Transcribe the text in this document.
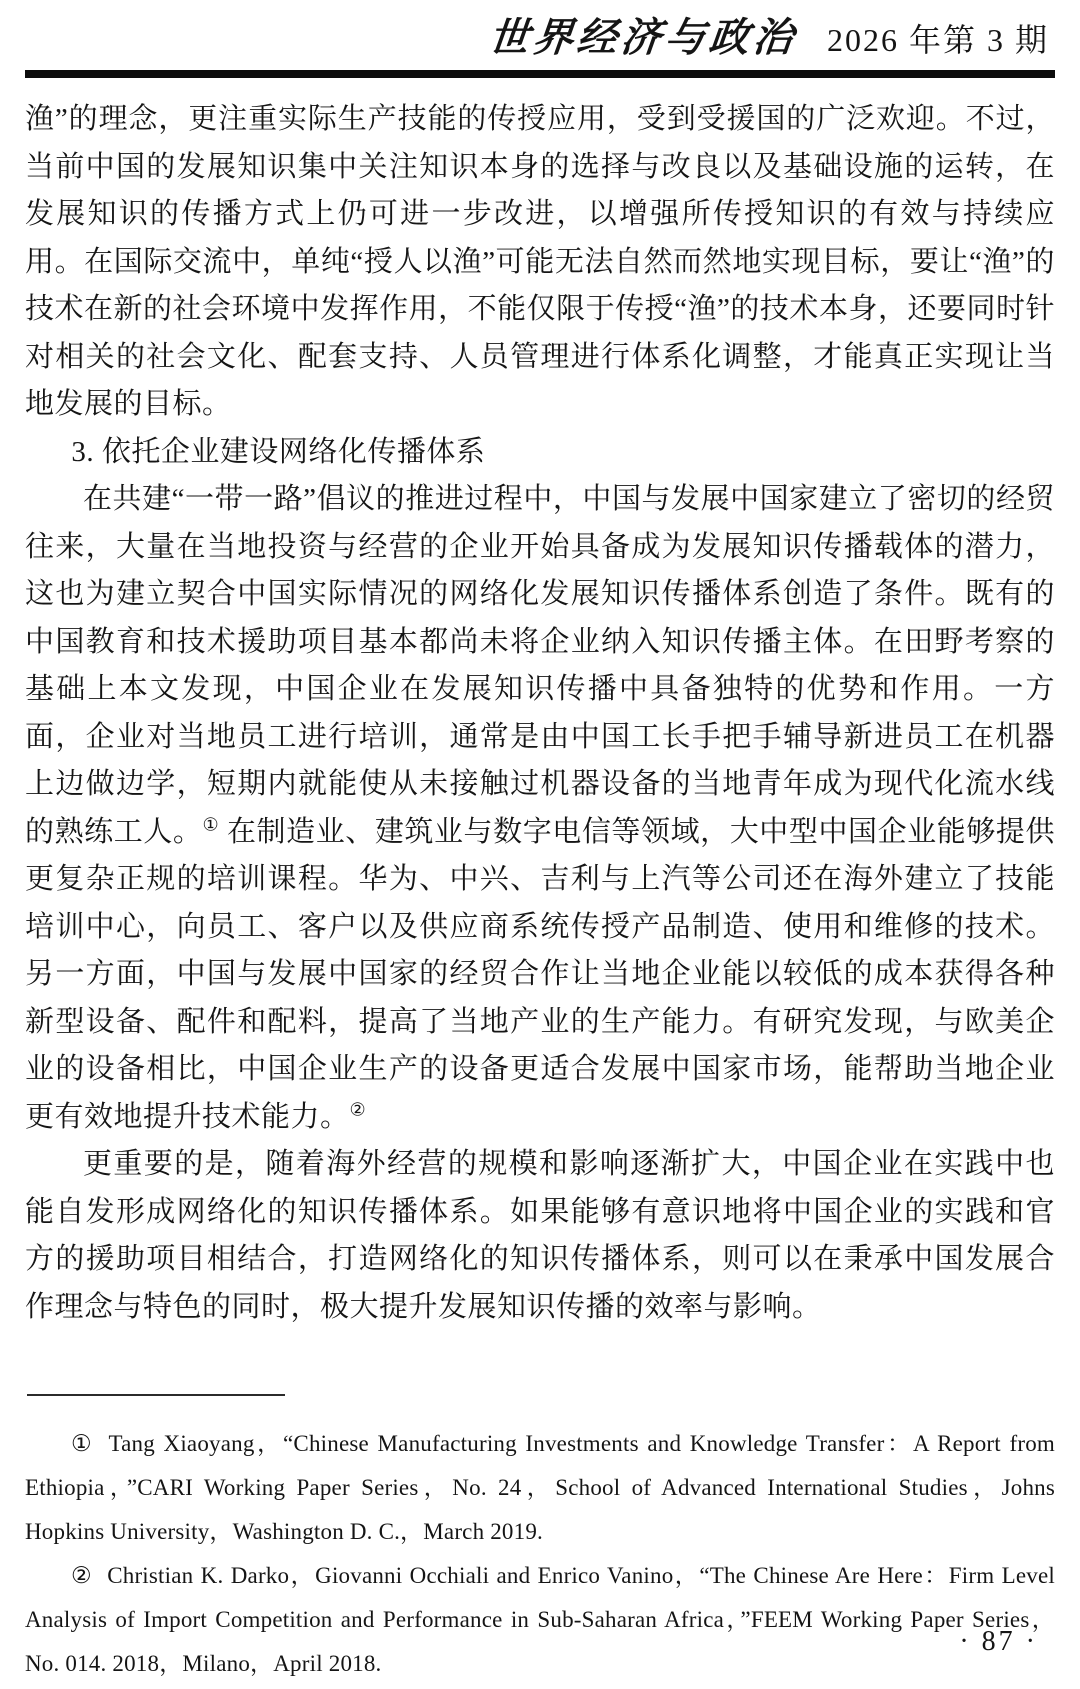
世界经济与政治 2026 年第 3 期

渔”的理念，更注重实际生产技能的传授应用，受到受援国的广泛欢迎。不过，当前中国的发展知识集中关注知识本身的选择与改良以及基础设施的运转，在发展知识的传播方式上仍可进一步改进，以增强所传授知识的有效与持续应用。在国际交流中，单纯“授人以渔”可能无法自然而然地实现目标，要让“渔”的技术在新的社会环境中发挥作用，不能仅限于传授“渔”的技术本身，还要同时针对相关的社会文化、配套支持、人员管理进行体系化调整，才能真正实现让当地发展的目标。

3. 依托企业建设网络化传播体系

在共建“一带一路”倡议的推进过程中，中国与发展中国家建立了密切的经贸往来，大量在当地投资与经营的企业开始具备成为发展知识传播载体的潜力，这也为建立契合中国实际情况的网络化发展知识传播体系创造了条件。既有的中国教育和技术援助项目基本都尚未将企业纳入知识传播主体。在田野考察的基础上本文发现，中国企业在发展知识传播中具备独特的优势和作用。一方面，企业对当地员工进行培训，通常是由中国工长手把手辅导新进员工在机器上边做边学，短期内就能使从未接触过机器设备的当地青年成为现代化流水线的熟练工人。① 在制造业、建筑业与数字电信等领域，大中型中国企业能够提供更复杂正规的培训课程。华为、中兴、吉利与上汽等公司还在海外建立了技能培训中心，向员工、客户以及供应商系统传授产品制造、使用和维修的技术。另一方面，中国与发展中国家的经贸合作让当地企业能以较低的成本获得各种新型设备、配件和配料，提高了当地产业的生产能力。有研究发现，与欧美企业的设备相比，中国企业生产的设备更适合发展中国家市场，能帮助当地企业更有效地提升技术能力。②

更重要的是，随着海外经营的规模和影响逐渐扩大，中国企业在实践中也能自发形成网络化的知识传播体系。如果能够有意识地将中国企业的实践和官方的援助项目相结合，打造网络化的知识传播体系，则可以在秉承中国发展合作理念与特色的同时，极大提升发展知识传播的效率与影响。

① Tang Xiaoyang，“Chinese Manufacturing Investments and Knowledge Transfer：A Report from Ethiopia，”CARI Working Paper Series，No. 24，School of Advanced International Studies，Johns Hopkins University，Washington D. C.，March 2019.

② Christian K. Darko，Giovanni Occhiali and Enrico Vanino，“The Chinese Are Here：Firm Level Analysis of Import Competition and Performance in Sub-Saharan Africa，”FEEM Working Paper Series，No. 014. 2018，Milano，April 2018.

· 87 ·
